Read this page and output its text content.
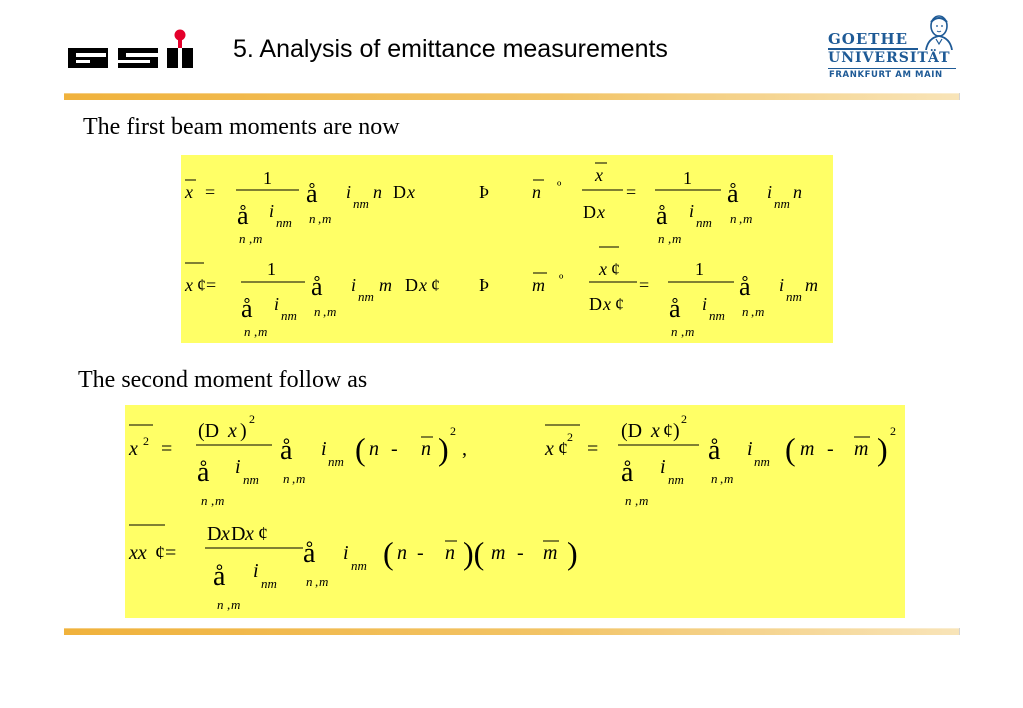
5. Analysis of emittance measurements	GOETHE
UNIVERSITÄT
FRANKFURT AM MAIN
The first beam moments are now
x =
1
å i
nm
n , m
å
n , m
i
nm
n D x	Þ n º
x
D x
=
1
å i
nm
n , m
å
n , m
i
nm
n
x ¢=
1
å i
nm
n , m
å
n , m
i
nm
m D x ¢ Þ m º
x ¢
D x ¢
=
1
å i
nm
n , m
å
n , m
i
nm
m
The second moment follow as
x 2 =
(D x )
2
å i
nm
n , m
å
n , m
i
nm ( n - n ) 2
,	x ¢
2
=
(D x ¢)
2
å i
nm
n , m
å
n , m
i
nm ( m - m ) 2
xx ¢=
D x D x ¢
å i
nm
n , m
å
n , m
i
nm ( n - n )( m - m )
